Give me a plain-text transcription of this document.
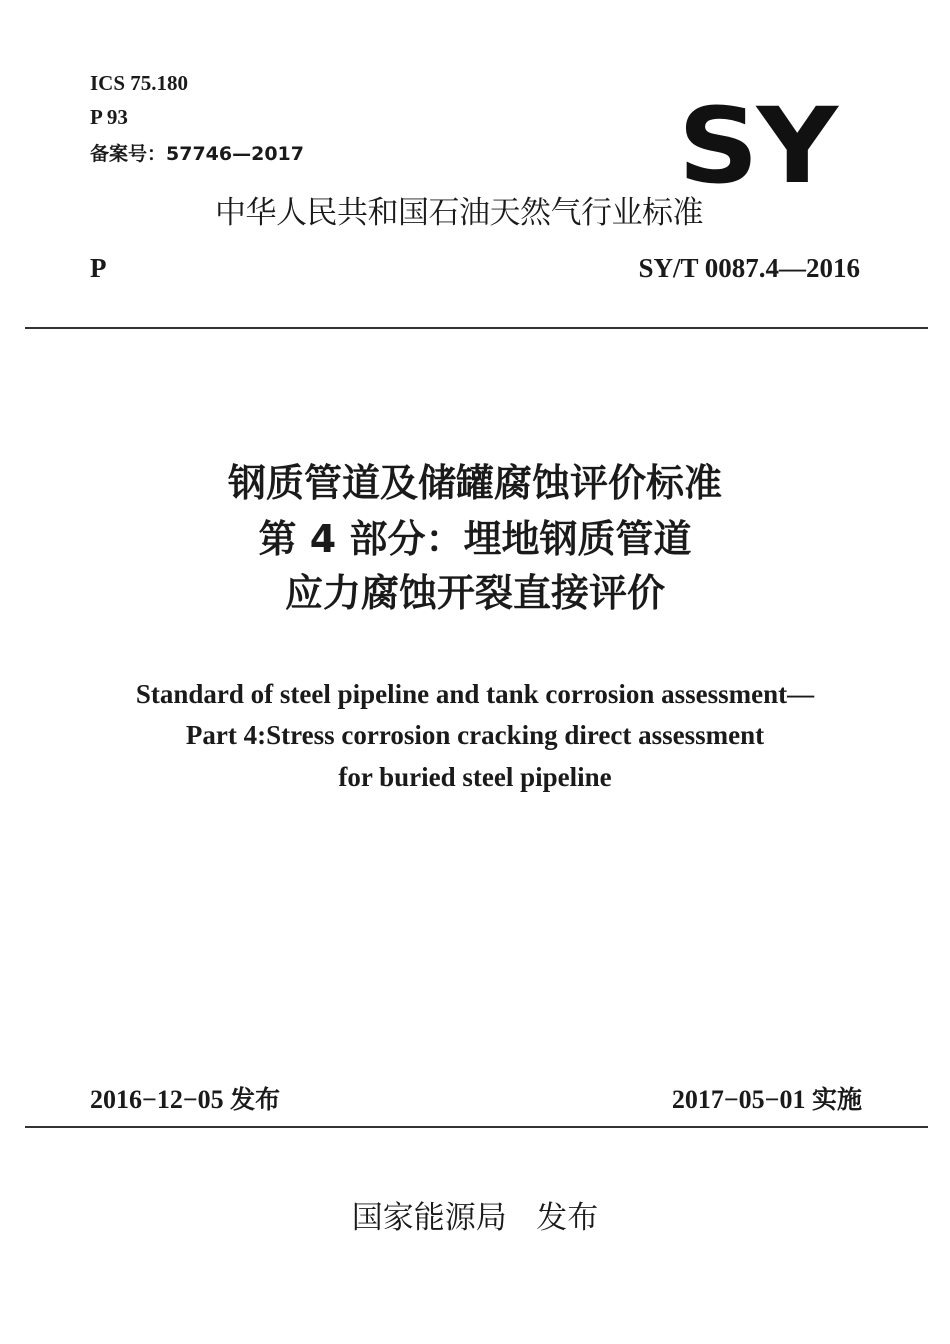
ICS 75.180
P 93
备案号：57746—2017	SY
中华人民共和国石油天然气行业标准
P	SY/T 0087.4—2016
钢质管道及储罐腐蚀评价标准
第 4 部分：埋地钢质管道
应力腐蚀开裂直接评价
Standard of steel pipeline and tank corrosion assessment—
Part 4:Stress corrosion cracking direct assessment
for buried steel pipeline
2016−12−05 发布	2017−05−01 实施
国家能源局 发布
